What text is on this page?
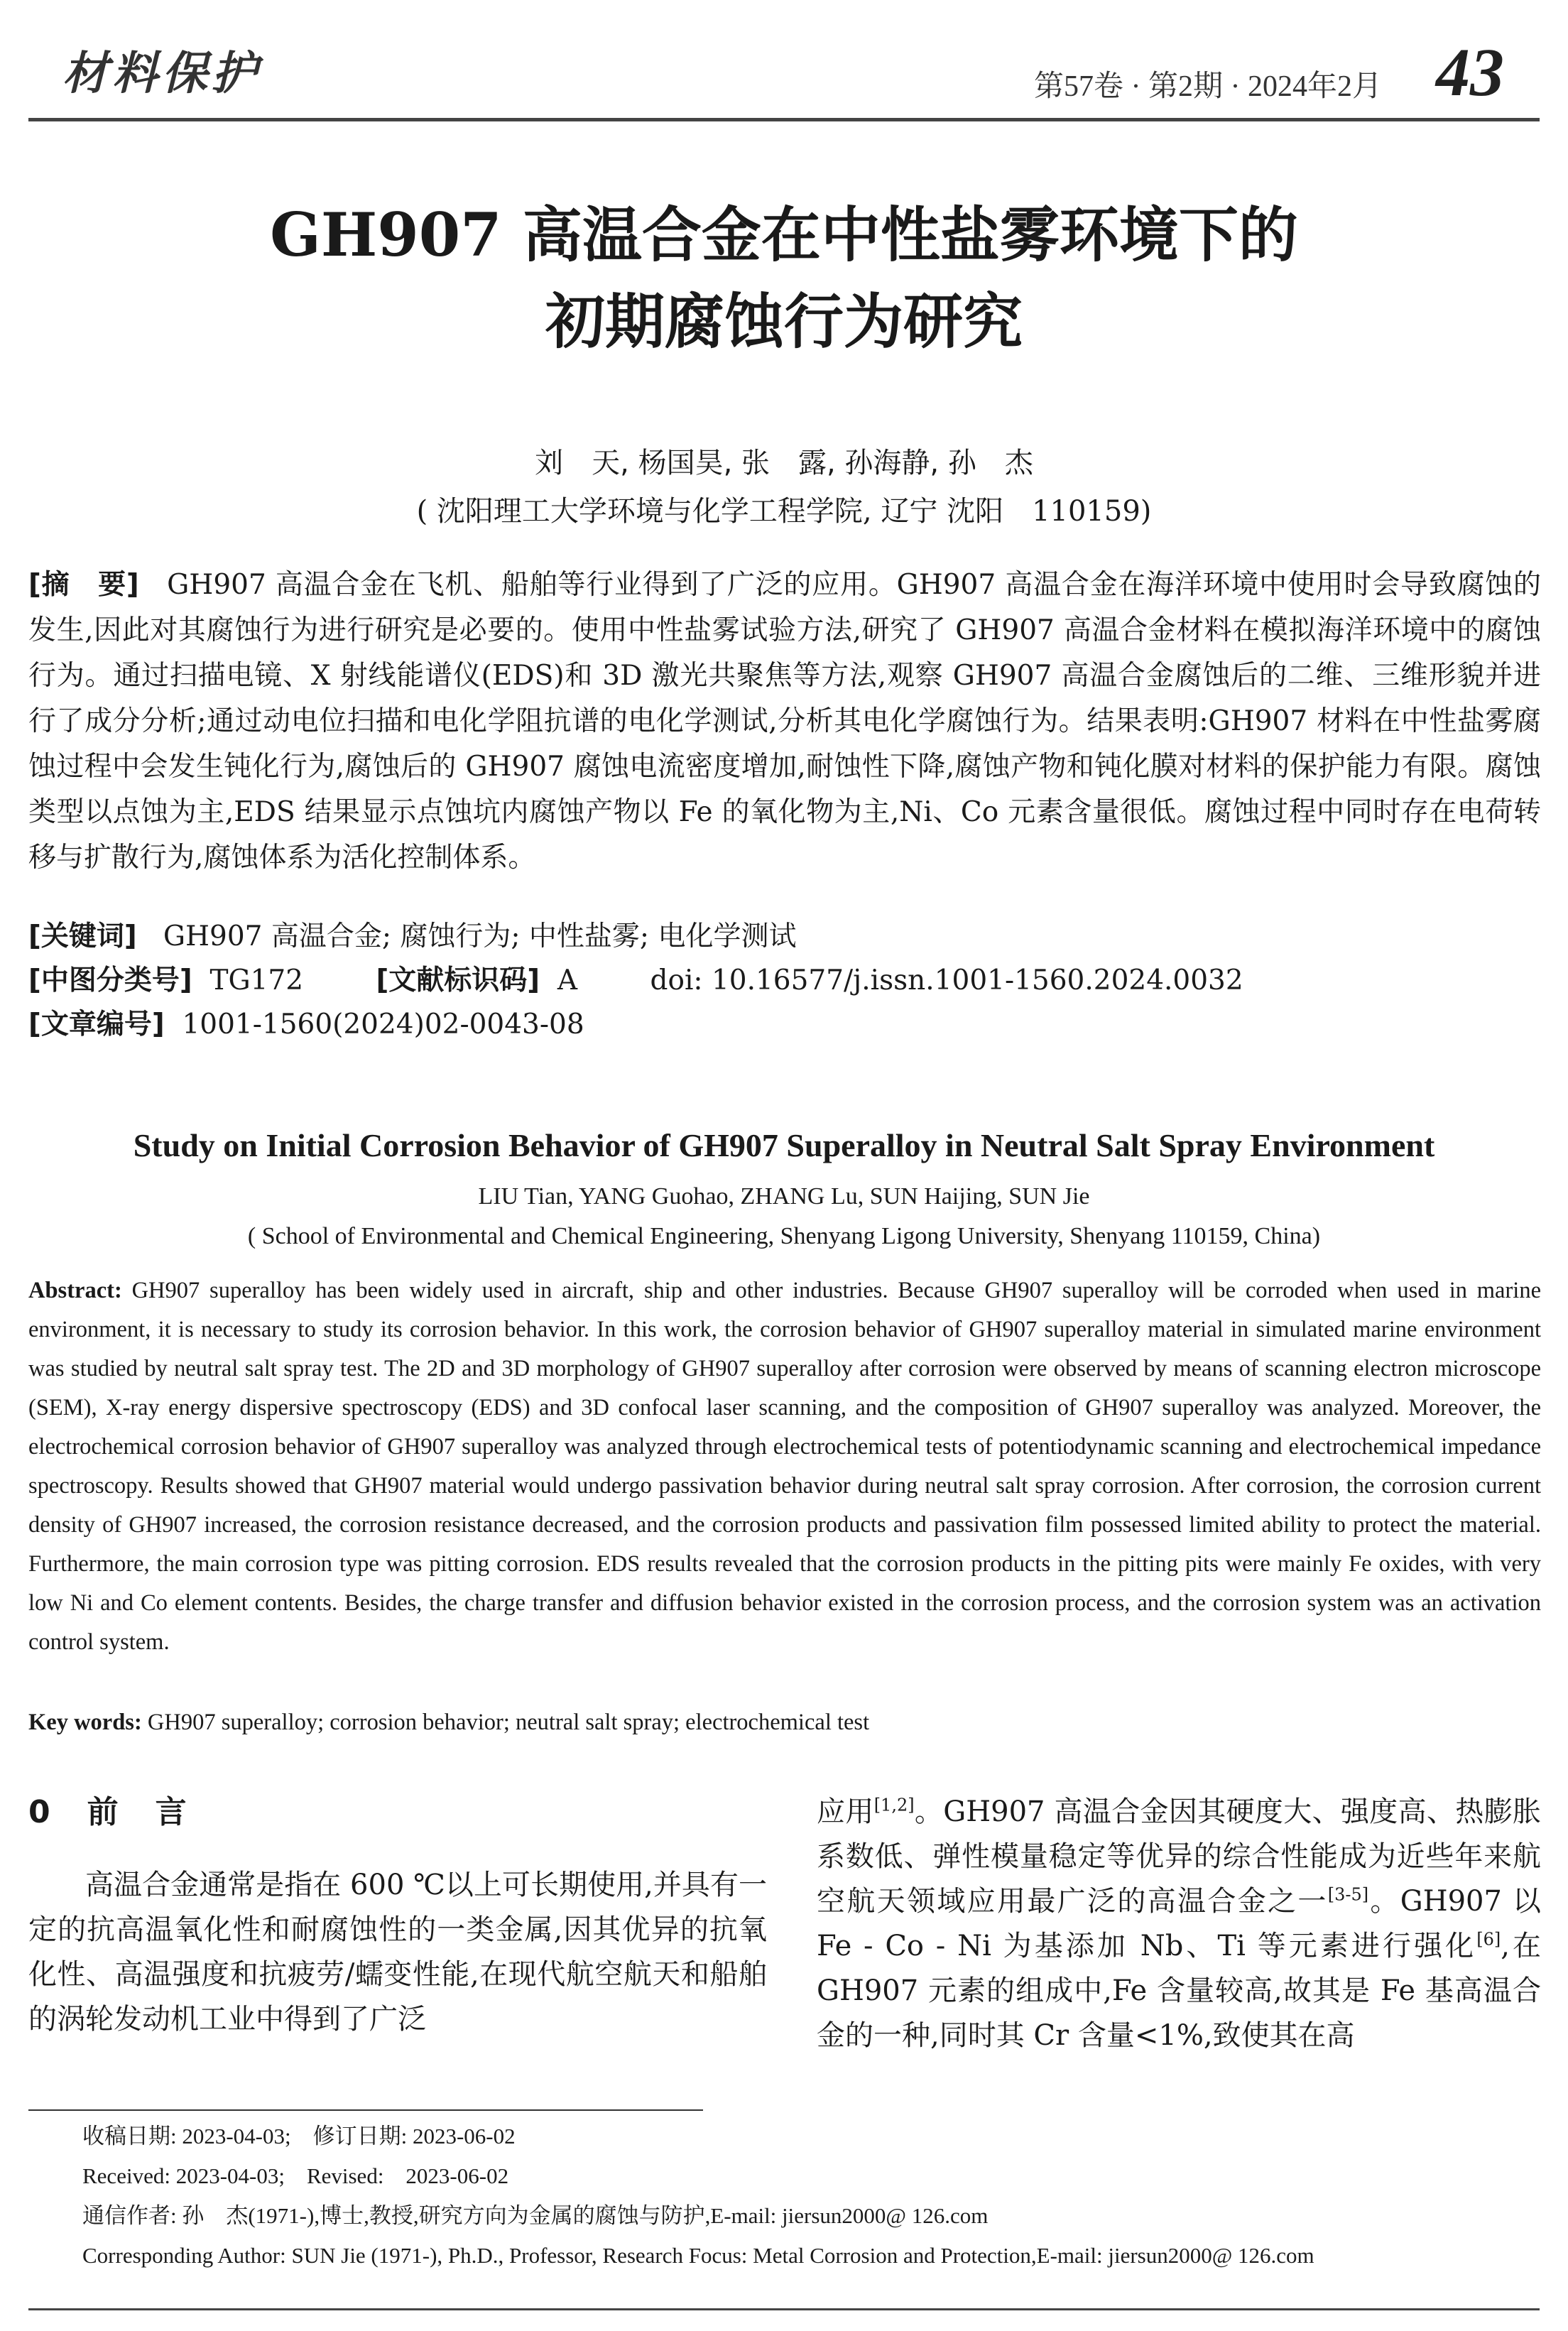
材料保护	第57卷 · 第2期 · 2024年2月 43
GH907 高温合金在中性盐雾环境下的
初期腐蚀行为研究
刘　天, 杨国昊, 张　露, 孙海静, 孙　杰
( 沈阳理工大学环境与化学工程学院, 辽宁 沈阳　110159)
[摘　要] GH907 高温合金在飞机、船舶等行业得到了广泛的应用。GH907 高温合金在海洋环境中使用时会导致腐蚀的发生,因此对其腐蚀行为进行研究是必要的。使用中性盐雾试验方法,研究了 GH907 高温合金材料在模拟海洋环境中的腐蚀行为。通过扫描电镜、X 射线能谱仪(EDS)和 3D 激光共聚焦等方法,观察 GH907 高温合金腐蚀后的二维、三维形貌并进行了成分分析;通过动电位扫描和电化学阻抗谱的电化学测试,分析其电化学腐蚀行为。结果表明:GH907 材料在中性盐雾腐蚀过程中会发生钝化行为,腐蚀后的 GH907 腐蚀电流密度增加,耐蚀性下降,腐蚀产物和钝化膜对材料的保护能力有限。腐蚀类型以点蚀为主,EDS 结果显示点蚀坑内腐蚀产物以 Fe 的氧化物为主,Ni、Co 元素含量很低。腐蚀过程中同时存在电荷转移与扩散行为,腐蚀体系为活化控制体系。
[关键词] GH907 高温合金; 腐蚀行为; 中性盐雾; 电化学测试
[中图分类号] TG172	[文献标识码] A	doi: 10.16577/j.issn.1001-1560.2024.0032
[文章编号] 1001-1560(2024)02-0043-08
Study on Initial Corrosion Behavior of GH907 Superalloy in Neutral Salt Spray Environment
LIU Tian, YANG Guohao, ZHANG Lu, SUN Haijing, SUN Jie
( School of Environmental and Chemical Engineering, Shenyang Ligong University, Shenyang 110159, China)
Abstract: GH907 superalloy has been widely used in aircraft, ship and other industries. Because GH907 superalloy will be corroded when used in marine environment, it is necessary to study its corrosion behavior. In this work, the corrosion behavior of GH907 superalloy material in simulated marine environment was studied by neutral salt spray test. The 2D and 3D morphology of GH907 superalloy after corrosion were observed by means of scanning electron microscope (SEM), X-ray energy dispersive spectroscopy (EDS) and 3D confocal laser scanning, and the composition of GH907 superalloy was analyzed. Moreover, the electrochemical corrosion behavior of GH907 superalloy was analyzed through electrochemical tests of potentiodynamic scanning and electrochemical impedance spectroscopy. Results showed that GH907 material would undergo passivation behavior during neutral salt spray corrosion. After corrosion, the corrosion current density of GH907 increased, the corrosion resistance decreased, and the corrosion products and passivation film possessed limited ability to protect the material. Furthermore, the main corrosion type was pitting corrosion. EDS results revealed that the corrosion products in the pitting pits were mainly Fe oxides, with very low Ni and Co element contents. Besides, the charge transfer and diffusion behavior existed in the corrosion process, and the corrosion system was an activation control system.
Key words: GH907 superalloy; corrosion behavior; neutral salt spray; electrochemical test
0　前　言

高温合金通常是指在 600 ℃以上可长期使用,并具有一定的抗高温氧化性和耐腐蚀性的一类金属,因其优异的抗氧化性、高温强度和抗疲劳/蠕变性能,在现代航空航天和船舶的涡轮发动机工业中得到了广泛

应用[1,2]。GH907 高温合金因其硬度大、强度高、热膨胀系数低、弹性模量稳定等优异的综合性能成为近些年来航空航天领域应用最广泛的高温合金之一[3-5]。GH907 以 Fe - Co - Ni 为基添加 Nb、Ti 等元素进行强化[6],在 GH907 元素的组成中,Fe 含量较高,故其是 Fe 基高温合金的一种,同时其 Cr 含量<1%,致使其在高

收稿日期: 2023-04-03;　修订日期: 2023-06-02
Received: 2023-04-03;　Revised:　2023-06-02
通信作者: 孙　杰(1971-),博士,教授,研究方向为金属的腐蚀与防护,E-mail: jiersun2000@ 126.com
Corresponding Author: SUN Jie (1971-), Ph.D., Professor, Research Focus: Metal Corrosion and Protection,E-mail: jiersun2000@ 126.com
